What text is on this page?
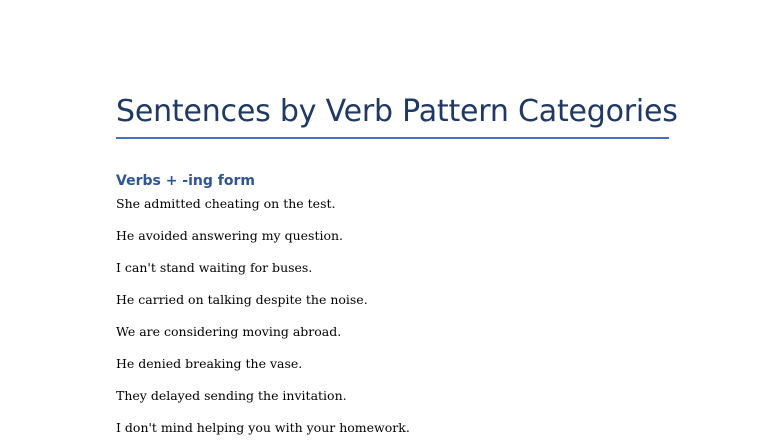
Sentences by Verb Pattern Categories
Verbs + -ing form
She admitted cheating on the test.
He avoided answering my question.
I can't stand waiting for buses.
He carried on talking despite the noise.
We are considering moving abroad.
He denied breaking the vase.
They delayed sending the invitation.
I don't mind helping you with your homework.
